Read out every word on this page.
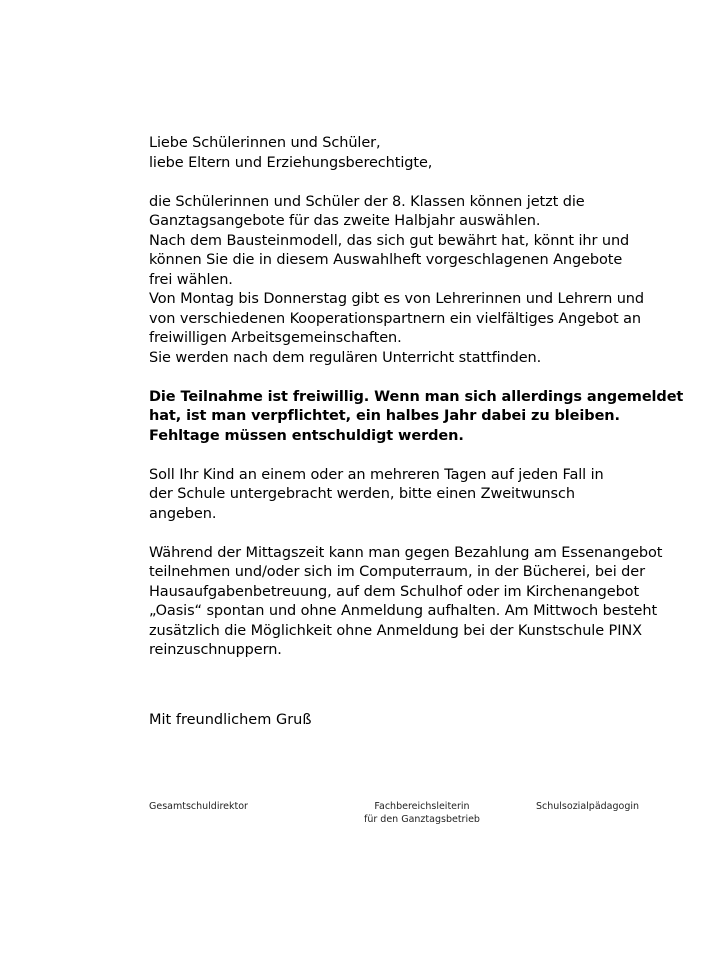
Liebe Schülerinnen und Schüler,
liebe Eltern und Erziehungsberechtigte,
die Schülerinnen und Schüler der 8. Klassen können jetzt die
Ganztagsangebote für das zweite Halbjahr auswählen.
Nach dem Bausteinmodell, das sich gut bewährt hat, könnt ihr und
können Sie die in diesem Auswahlheft vorgeschlagenen Angebote
frei wählen.
Von Montag bis Donnerstag gibt es von Lehrerinnen und Lehrern und
von verschiedenen Kooperationspartnern ein vielfältiges Angebot an
freiwilligen Arbeitsgemeinschaften.
Sie werden nach dem regulären Unterricht stattfinden.
Die Teilnahme ist freiwillig. Wenn man sich allerdings angemeldet
hat, ist man verpflichtet, ein halbes Jahr dabei zu bleiben.
Fehltage müssen entschuldigt werden.
Soll Ihr Kind an einem oder an mehreren Tagen auf jeden Fall in
der Schule untergebracht werden, bitte einen Zweitwunsch
angeben.
Während der Mittagszeit kann man gegen Bezahlung am Essenangebot
teilnehmen und/oder sich im Computerraum, in der Bücherei, bei der
Hausaufgabenbetreuung, auf dem Schulhof oder im Kirchenangebot
„Oasis“ spontan und ohne Anmeldung aufhalten. Am Mittwoch besteht
zusätzlich die Möglichkeit ohne Anmeldung bei der Kunstschule PINX
reinzuschnuppern.
Mit freundlichem Gruß
Gesamtschuldirektor	Fachbereichsleiterin
für den Ganztagsbetrieb
Schulsozialpädagogin
